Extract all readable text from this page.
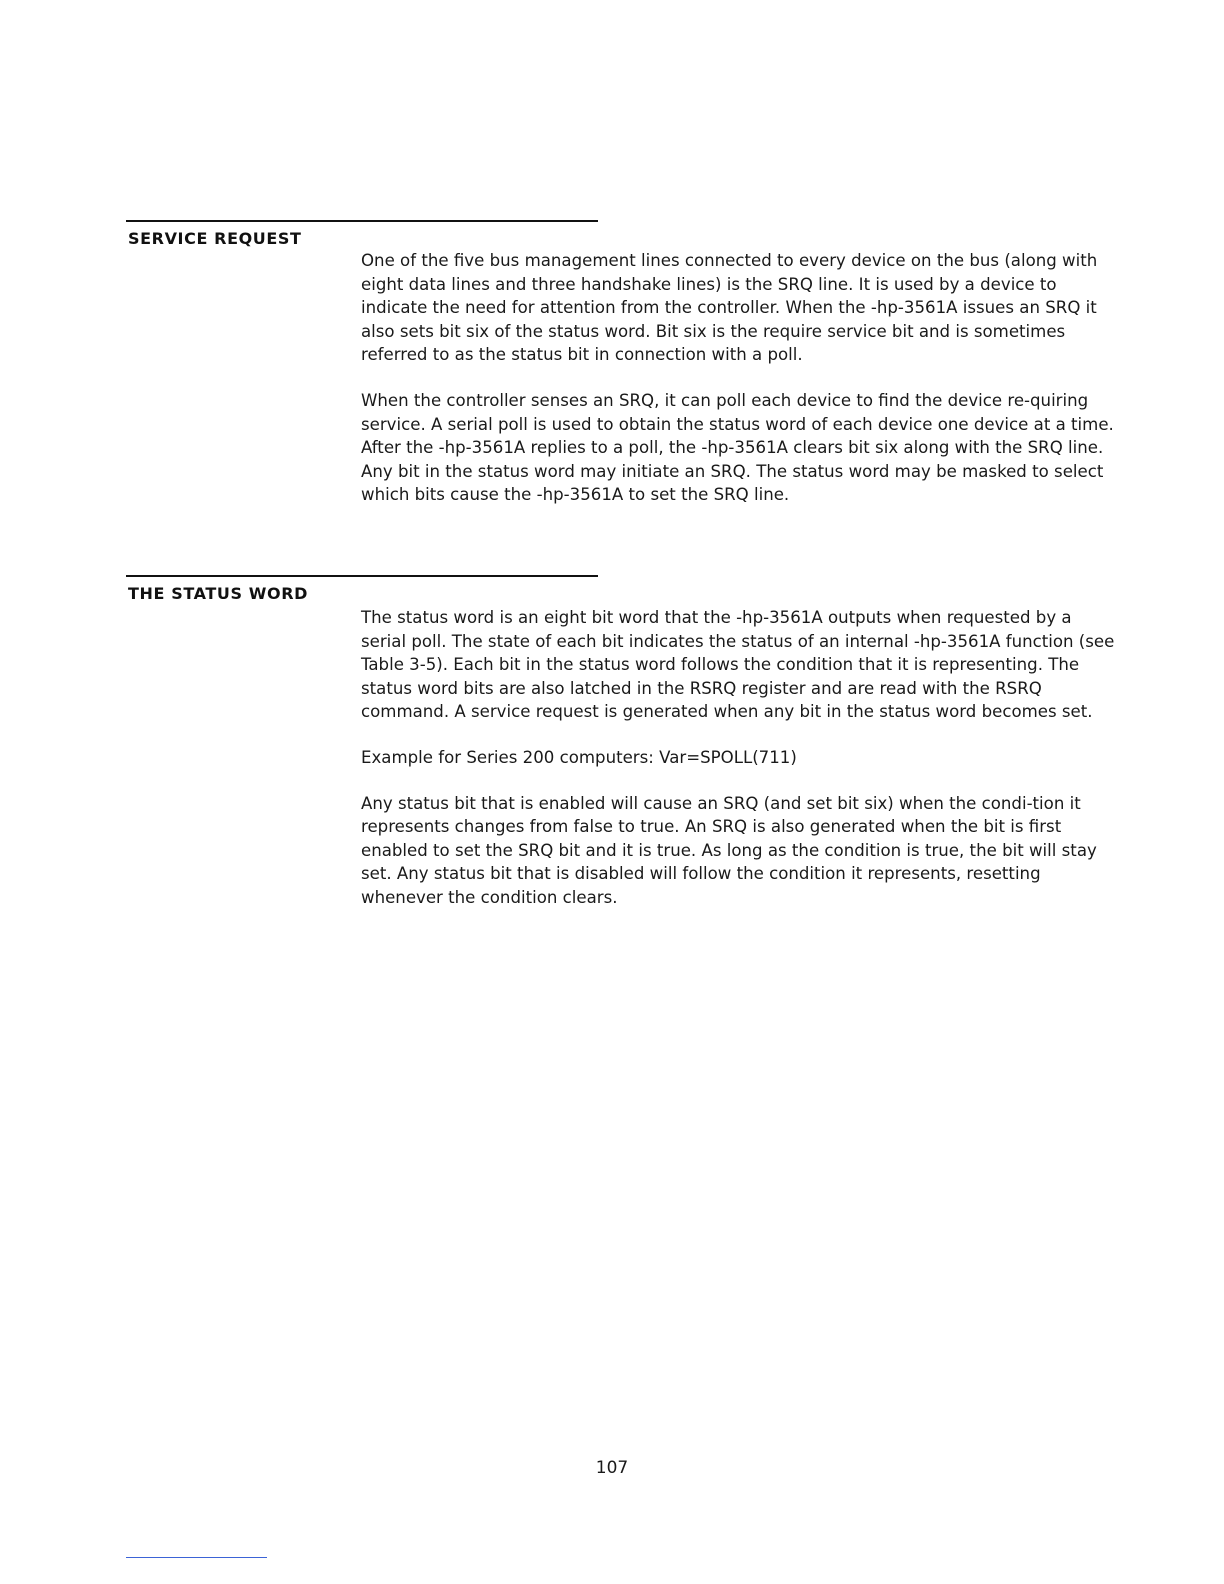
SERVICE REQUEST

One of the five bus management lines connected to every device on the bus (along with eight data lines and three handshake lines) is the SRQ line. It is used by a device to indicate the need for attention from the controller. When the -hp-3561A issues an SRQ it also sets bit six of the status word. Bit six is the require service bit and is sometimes referred to as the status bit in connection with a poll.

When the controller senses an SRQ, it can poll each device to find the device re-quiring service. A serial poll is used to obtain the status word of each device one device at a time. After the -hp-3561A replies to a poll, the -hp-3561A clears bit six along with the SRQ line. Any bit in the status word may initiate an SRQ. The status word may be masked to select which bits cause the -hp-3561A to set the SRQ line.

THE STATUS WORD

The status word is an eight bit word that the -hp-3561A outputs when requested by a serial poll. The state of each bit indicates the status of an internal -hp-3561A function (see Table 3-5). Each bit in the status word follows the condition that it is representing. The status word bits are also latched in the RSRQ register and are read with the RSRQ command. A service request is generated when any bit in the status word becomes set.

Example for Series 200 computers: Var=SPOLL(711)

Any status bit that is enabled will cause an SRQ (and set bit six) when the condi-tion it represents changes from false to true. An SRQ is also generated when the bit is first enabled to set the SRQ bit and it is true. As long as the condition is true, the bit will stay set. Any status bit that is disabled will follow the condition it represents, resetting whenever the condition clears.

107
